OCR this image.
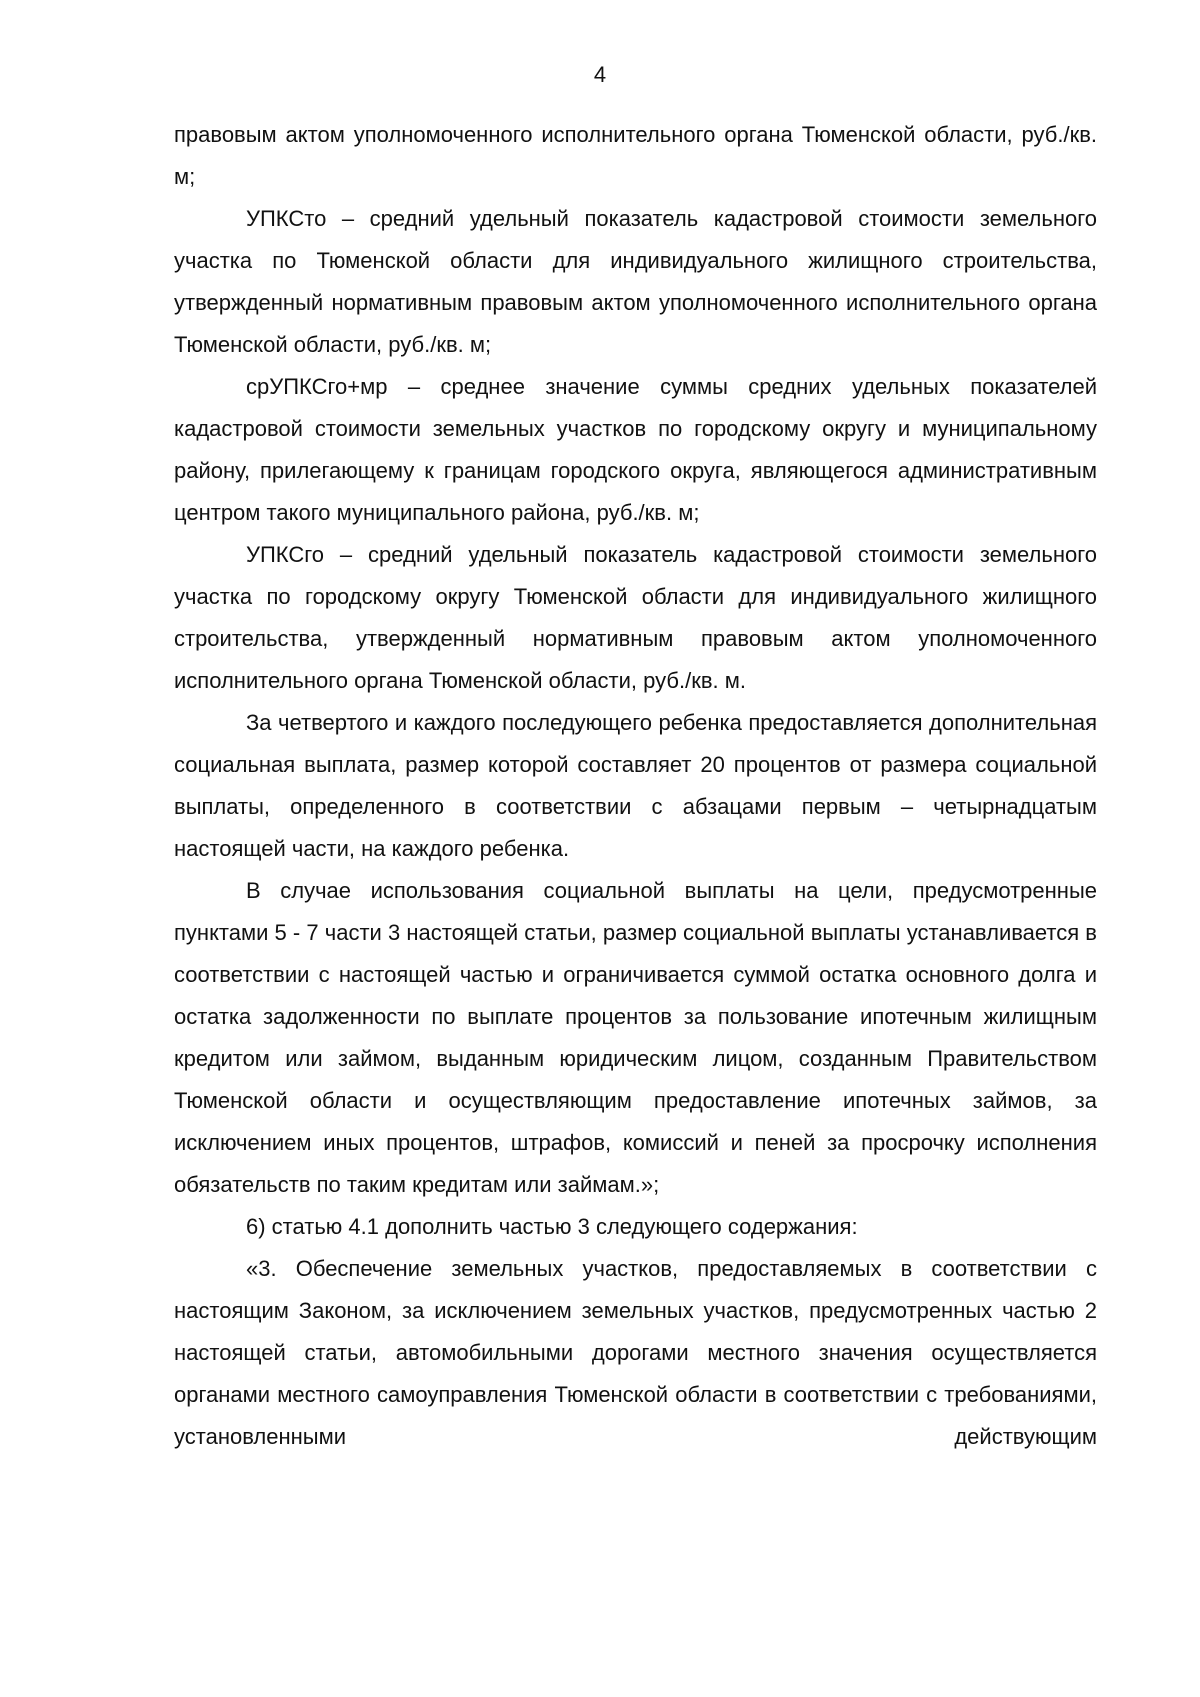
4

правовым актом уполномоченного исполнительного органа Тюменской области, руб./кв. м;

УПКСто – средний удельный показатель кадастровой стоимости земельного участка по Тюменской области для индивидуального жилищного строительства, утвержденный нормативным правовым актом уполномоченного исполнительного органа Тюменской области, руб./кв. м;

срУПКСго+мр – среднее значение суммы средних удельных показателей кадастровой стоимости земельных участков по городскому округу и муниципальному району, прилегающему к границам городского округа, являющегося административным центром такого муниципального района, руб./кв. м;

УПКСго – средний удельный показатель кадастровой стоимости земельного участка по городскому округу Тюменской области для индивидуального жилищного строительства, утвержденный нормативным правовым актом уполномоченного исполнительного органа Тюменской области, руб./кв. м.

За четвертого и каждого последующего ребенка предоставляется дополнительная социальная выплата, размер которой составляет 20 процентов от размера социальной выплаты, определенного в соответствии с абзацами первым – четырнадцатым настоящей части, на каждого ребенка.

В случае использования социальной выплаты на цели, предусмотренные пунктами 5 - 7 части 3 настоящей статьи, размер социальной выплаты устанавливается в соответствии с настоящей частью и ограничивается суммой остатка основного долга и остатка задолженности по выплате процентов за пользование ипотечным жилищным кредитом или займом, выданным юридическим лицом, созданным Правительством Тюменской области и осуществляющим предоставление ипотечных займов, за исключением иных процентов, штрафов, комиссий и пеней за просрочку исполнения обязательств по таким кредитам или займам.»;

6) статью 4.1 дополнить частью 3 следующего содержания:

«3. Обеспечение земельных участков, предоставляемых в соответствии с настоящим Законом, за исключением земельных участков, предусмотренных частью 2 настоящей статьи, автомобильными дорогами местного значения осуществляется органами местного самоуправления Тюменской области в соответствии с требованиями, установленными действующим
